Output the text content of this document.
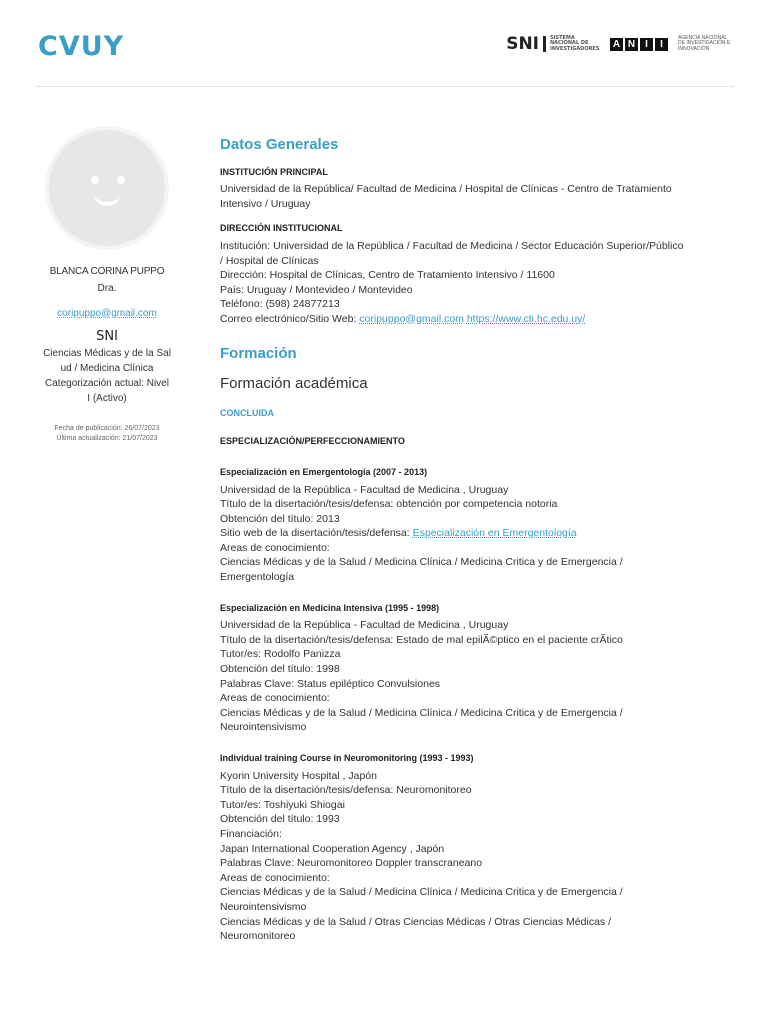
CVUY	SNI SISTEMA NACIONAL DE INVESTIGADORES A N	I	I
AGENCIA NACIONAL DE INVESTIGACIÓN E INNOVACIÓN
BLANCA CORINA PUPPO
Dra.
coripuppo@gmail.com
SNI
Ciencias Médicas y de la Sal
ud / Medicina Clínica
Categorización actual: Nivel
I (Activo)
Fecha de publicación: 26/07/2023
Última actualización: 21/07/2023

Datos Generales

INSTITUCIÓN PRINCIPAL

Universidad de la República/ Facultad de Medicina / Hospital de Clínicas - Centro de Tratamiento

Intensivo / Uruguay

DIRECCIÓN INSTITUCIONAL

Institución: Universidad de la República / Facultad de Medicina / Sector Educación Superior/Público

/ Hospital de Clínicas

Dirección: Hospital de Clínicas, Centro de Tratamiento Intensivo / 11600

País: Uruguay / Montevideo / Montevideo

Teléfono: (598) 24877213

Correo electrónico/Sitio Web: coripuppo@gmail.com https://www.cti.hc.edu.uy/

Formación

Formación académica

CONCLUIDA
ESPECIALIZACIÓN/PERFECCIONAMIENTO
Especialización en Emergentología (2007 - 2013)

Universidad de la República - Facultad de Medicina , Uruguay

Título de la disertación/tesis/defensa: obtención por competencia notoria

Obtención del título: 2013

Sitio web de la disertación/tesis/defensa: Especialización en Emergentología

Areas de conocimiento:

Ciencias Médicas y de la Salud / Medicina Clínica / Medicina Critica y de Emergencia /

Emergentología

Especialización en Medicina Intensiva (1995 - 1998)

Universidad de la República - Facultad de Medicina , Uruguay

Título de la disertación/tesis/defensa: Estado de mal epilÃ©ptico en el paciente crÃtico

Tutor/es: Rodolfo Panizza

Obtención del título: 1998

Palabras Clave: Status epiléptico Convulsiones

Areas de conocimiento:

Ciencias Médicas y de la Salud / Medicina Clínica / Medicina Critica y de Emergencia /

Neurointensivismo

Individual training Course in Neuromonitoring (1993 - 1993)

Kyorin University Hospital , Japón

Título de la disertación/tesis/defensa: Neuromonitoreo

Tutor/es: Toshiyuki Shiogai

Obtención del título: 1993

Financiación:

Japan International Cooperation Agency , Japón

Palabras Clave: Neuromonitoreo Doppler transcraneano

Areas de conocimiento:

Ciencias Médicas y de la Salud / Medicina Clínica / Medicina Critica y de Emergencia /

Neurointensivismo

Ciencias Médicas y de la Salud / Otras Ciencias Médicas / Otras Ciencias Médicas /

Neuromonitoreo
